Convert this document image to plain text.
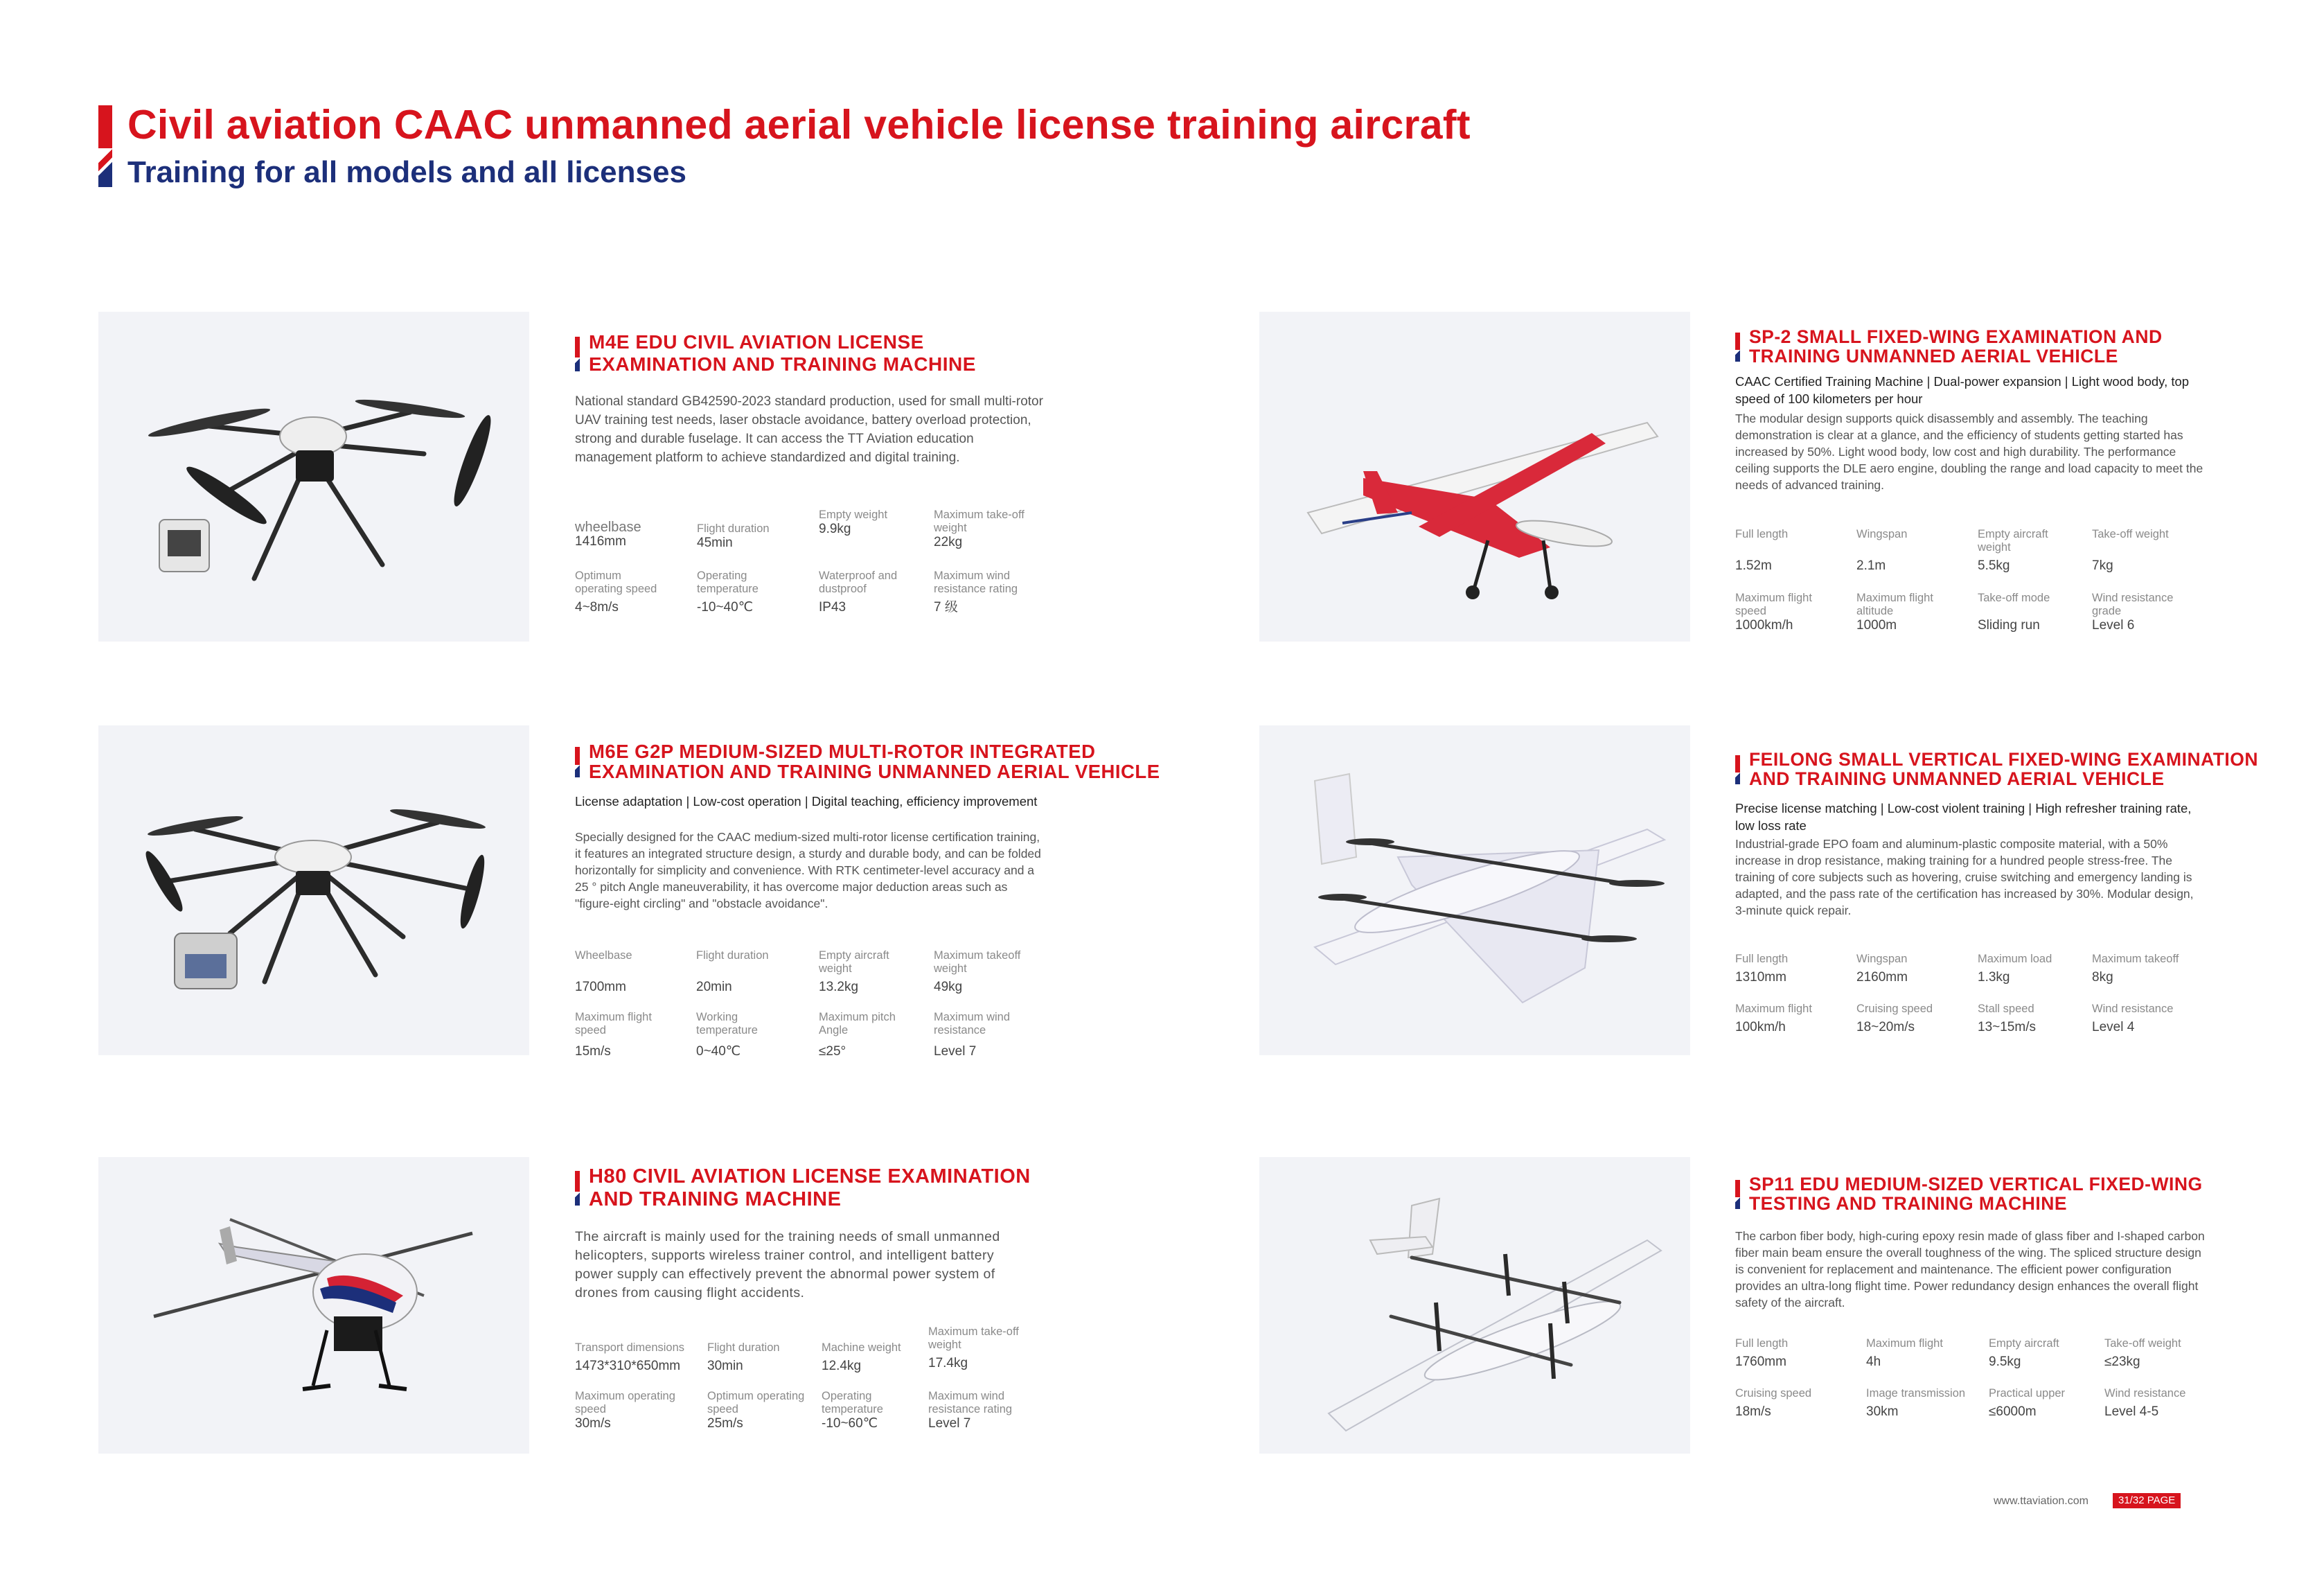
Civil aviation CAAC unmanned aerial vehicle license training aircraft
Training for all models and all licenses
M4E EDU CIVIL AVIATION LICENSE
EXAMINATION AND TRAINING MACHINE
National standard GB42590-2023 standard production, used for small multi-rotor UAV training test needs, laser obstacle avoidance, battery overload protection, strong and durable fuselage. It can access the TT Aviation education management platform to achieve standardized and digital training.
wheelbase
1416mm
Flight duration
45min
Empty weight
9.9kg
Maximum take-off weight
22kg
Optimum operating speed
4~8m/s
Operating temperature
-10~40℃
Waterproof and dustproof
IP43
Maximum wind resistance rating
7 级
SP-2 SMALL FIXED-WING EXAMINATION AND
TRAINING UNMANNED AERIAL VEHICLE
CAAC Certified Training Machine | Dual-power expansion | Light wood body, top speed of 100 kilometers per hour
The modular design supports quick disassembly and assembly. The teaching demonstration is clear at a glance, and the efficiency of students getting started has increased by 50%. Light wood body, low cost and high durability. The performance ceiling supports the DLE aero engine, doubling the range and load capacity to meet the needs of advanced training.
Full length
1.52m
Wingspan
2.1m
Empty aircraft weight
5.5kg
Take-off weight
7kg
Maximum flight speed
1000km/h
Maximum flight altitude
1000m
Take-off mode
Sliding run
Wind resistance grade
Level 6
M6E G2P MEDIUM-SIZED MULTI-ROTOR INTEGRATED
EXAMINATION AND TRAINING UNMANNED AERIAL VEHICLE
License adaptation | Low-cost operation | Digital teaching, efficiency improvement
Specially designed for the CAAC medium-sized multi-rotor license certification training, it features an integrated structure design, a sturdy and durable body, and can be folded horizontally for simplicity and convenience. With RTK centimeter-level accuracy and a 25 ° pitch Angle maneuverability, it has overcome major deduction areas such as "figure-eight circling" and "obstacle avoidance".
Wheelbase
1700mm
Flight duration
20min
Empty aircraft weight
13.2kg
Maximum takeoff weight
49kg
Maximum flight speed
15m/s
Working temperature
0~40℃
Maximum pitch Angle
≤25°
Maximum wind resistance
Level 7
FEILONG SMALL VERTICAL FIXED-WING EXAMINATION
AND TRAINING UNMANNED AERIAL VEHICLE
Precise license matching | Low-cost violent training | High refresher training rate, low loss rate
Industrial-grade EPO foam and aluminum-plastic composite material, with a 50% increase in drop resistance, making training for a hundred people stress-free. The training of core subjects such as hovering, cruise switching and emergency landing is adapted, and the pass rate of the certification has increased by 30%. Modular design, 3-minute quick repair.
Full length
1310mm
Wingspan
2160mm
Maximum load
1.3kg
Maximum takeoff
8kg
Maximum flight
100km/h
Cruising speed
18~20m/s
Stall speed
13~15m/s
Wind resistance
Level 4
H80 CIVIL AVIATION LICENSE EXAMINATION
AND TRAINING MACHINE
The aircraft is mainly used for the training needs of small unmanned helicopters, supports wireless trainer control, and intelligent battery power supply can effectively prevent the abnormal power system of drones from causing flight accidents.
Transport dimensions
1473*310*650mm
Flight duration
30min
Machine weight
12.4kg
Maximum take-off weight
17.4kg
Maximum operating speed
30m/s
Optimum operating speed
25m/s
Operating temperature
-10~60℃
Maximum wind resistance rating
Level 7
SP11 EDU MEDIUM-SIZED VERTICAL FIXED-WING
TESTING AND TRAINING MACHINE
The carbon fiber body, high-curing epoxy resin made of glass fiber and I-shaped carbon fiber main beam ensure the overall toughness of the wing. The spliced structure design is convenient for replacement and maintenance. The efficient power configuration provides an ultra-long flight time. Power redundancy design enhances the overall flight safety of the aircraft.
Full length
1760mm
Maximum flight
4h
Empty aircraft
9.5kg
Take-off weight
≤23kg
Cruising speed
18m/s
Image transmission
30km
Practical upper
≤6000m
Wind resistance
Level 4-5
www.ttaviation.com	31/32 PAGE
